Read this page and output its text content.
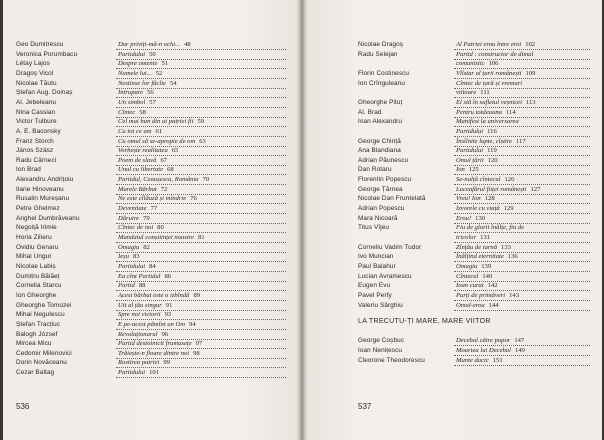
Geo Dumitrescu	Dar priviți-mă-n ochi... 48
Veronica Porumbacu	Partidului 50
Létay Lajos	Despre omenie 51
Dragoș Vicol	Numele lui... 52
Nicolae Tăutu	Nestinse lor făclie 54
Ștefan Aug. Doinaș	Intrupare 56
Al. Jebeleanu	Un simbol 57
Nina Cassian	Cîntec 58
Victor Tulbure	Cel mai bun din ai patriei fii 59
A. E. Baconsky	Cu tot ce am 61
Franz Storch	Cu omul să se-apropie de om 63
János Szász	Vorbește realitatea 65
Radu Cârneci	Poem de slavă 67
Ion Brad	Unul cu libertate 68
Alexandru Andrițoiu	Partidul, Ceaușescu, România 70
Ilarie Hinoveanu	Marele Bărbat 72
Rusalin Mureșanu	Ne este cîlăuză și mîndrie 76
Petre Ghelmez	Devenitate 77
Anghel Dumbrăveanu	Dăruire 79
Negoiță Irimie	Cîntec de noi 80
Horia Zilieru	Mandatul conștiinței noastre 81
Ovidiu Genaru	Omagiu 82
Mihai Ungur	Ieșu 83
Nicolae Labiș	Partidului 84
Dumitru Bălăeț	Ea cînt Partidul 86
Cornelia Starcu	Partid 88
Ion Gheorghe	Acest bărbat este o izbîndă 89
Gheorghe Tomozei	Uit al țău singur 91
Mihai Negulescu	Spre noi victorii 93
Ștefan Tracțiuc	E pe-acest pămînt un Om 94
Balogh József	Revoluționarul 96
Mircea Micu	Partid destoinicit frumusețe 97
Cedomir Milenovici	Trăiește-n floare dintre noi 98
Dorin Novăceanu	Rostirea patriei 99
Cezar Baltag	Partidului 101
536
Nicolae Dragoș	Al Patriei erou între eroi 102
Radu Selejan	Partid : constructor de dimul
comunistic 106
Florin Costinescu	Vîlstar al țurii românești 109
Ion Crînguleanu	Cîntec de țară și vremuri
viitoare 111
Gheorghe Pituț	El stă în sufletul veșnicei 113
Al. Brad	Pentru totdeauna 114
Ioan Alexandru	Manifest la universarea
Partidului 116
George Chiriță	Însîlnite lupte, cîștire 117
Ana Blandiana	Partidului 119
Adrian Păunescu	Omul țării 120
Dan Rotaru	Ion 125
Florentin Popescu	Se-nalță cîntecul 126
George Țărnea	Luceafărul fiiței românești 127
Nicolae Dan Fruntelată	Vreu! Ion 128
Adrian Popescu	Izvorele cu viață 129
Mara Nicoară	Erou! 130
Titus Vîjeu	Fiu de glorii înălțe, fiu de
tricolor 131
Corneliu Vadim Tudor	Zînțăa de iarnă 133
Ivo Muncian	Înălțind eternitate 136
Paul Balahur	Omagiu 139
Lucian Avramescu	Cîntecul 140
Eugen Evu	Ioan curat 142
Pavel Perfy	Parți de primăveri 143
Valeriu Sârghiu	Omul-erou 144
LA TRECUTU-ȚI MARE, MARE VIITOR
George Coșbuc	Decebal către popor 147
Ioan Nenițescu	Moartea lui Decebal 149
Cleorone Theodorescu	Munte dacic 151
537
